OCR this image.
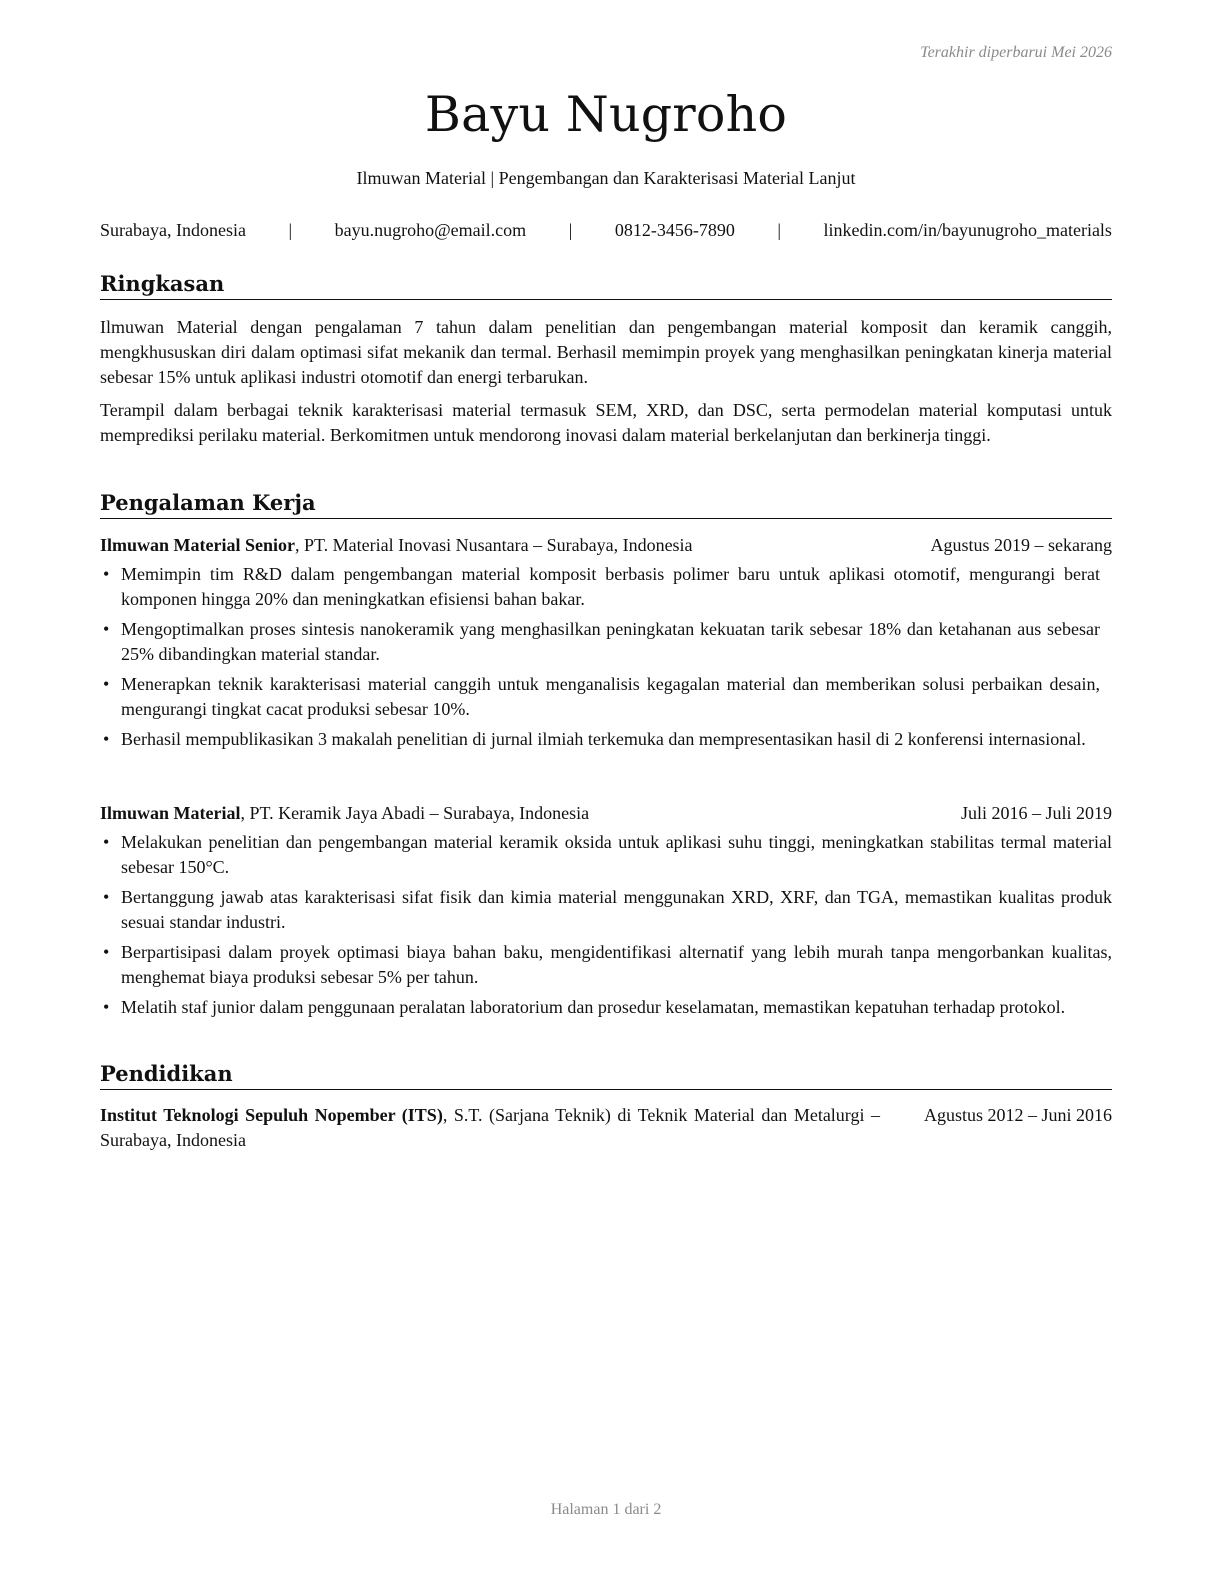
Terakhir diperbarui Mei 2026
Bayu Nugroho
Ilmuwan Material | Pengembangan dan Karakterisasi Material Lanjut
Surabaya, Indonesia | bayu.nugroho@email.com | 0812-3456-7890 | linkedin.com/in/bayunugroho_materials
Ringkasan

Ilmuwan Material dengan pengalaman 7 tahun dalam penelitian dan pengembangan material komposit dan keramik canggih, mengkhususkan diri dalam optimasi sifat mekanik dan termal. Berhasil memimpin proyek yang menghasilkan peningkatan kinerja material sebesar 15% untuk aplikasi industri otomotif dan energi terbarukan.

Terampil dalam berbagai teknik karakterisasi material termasuk SEM, XRD, dan DSC, serta permodelan material komputasi untuk memprediksi perilaku material. Berkomitmen untuk mendorong inovasi dalam material berkelanjutan dan berkinerja tinggi.

Pengalaman Kerja
Ilmuwan Material Senior, PT. Material Inovasi Nusantara – Surabaya, Indonesia	Agustus 2019 – sekarang
• Memimpin tim R&D dalam pengembangan material komposit berbasis polimer baru untuk aplikasi otomotif, mengurangi berat komponen hingga 20% dan meningkatkan efisiensi bahan bakar.
• Mengoptimalkan proses sintesis nanokeramik yang menghasilkan peningkatan kekuatan tarik sebesar 18% dan ketahanan aus sebesar 25% dibandingkan material standar.
• Menerapkan teknik karakterisasi material canggih untuk menganalisis kegagalan material dan memberikan solusi perbaikan desain, mengurangi tingkat cacat produksi sebesar 10%.
• Berhasil mempublikasikan 3 makalah penelitian di jurnal ilmiah terkemuka dan mempresentasikan hasil di 2 konferensi internasional.
Ilmuwan Material, PT. Keramik Jaya Abadi – Surabaya, Indonesia	Juli 2016 – Juli 2019
• Melakukan penelitian dan pengembangan material keramik oksida untuk aplikasi suhu tinggi, meningkatkan stabilitas termal material sebesar 150°C.
• Bertanggung jawab atas karakterisasi sifat fisik dan kimia material menggunakan XRD, XRF, dan TGA, memastikan kualitas produk sesuai standar industri.
• Berpartisipasi dalam proyek optimasi biaya bahan baku, mengidentifikasi alternatif yang lebih murah tanpa mengorbankan kualitas, menghemat biaya produksi sebesar 5% per tahun.
• Melatih staf junior dalam penggunaan peralatan laboratorium dan prosedur keselamatan, memastikan kepatuhan terhadap protokol.
Pendidikan
Institut Teknologi Sepuluh Nopember (ITS), S.T. (Sarjana Teknik) di Teknik Material dan Metalurgi – Surabaya, Indonesia
Agustus 2012 – Juni 2016
Halaman 1 dari 2
